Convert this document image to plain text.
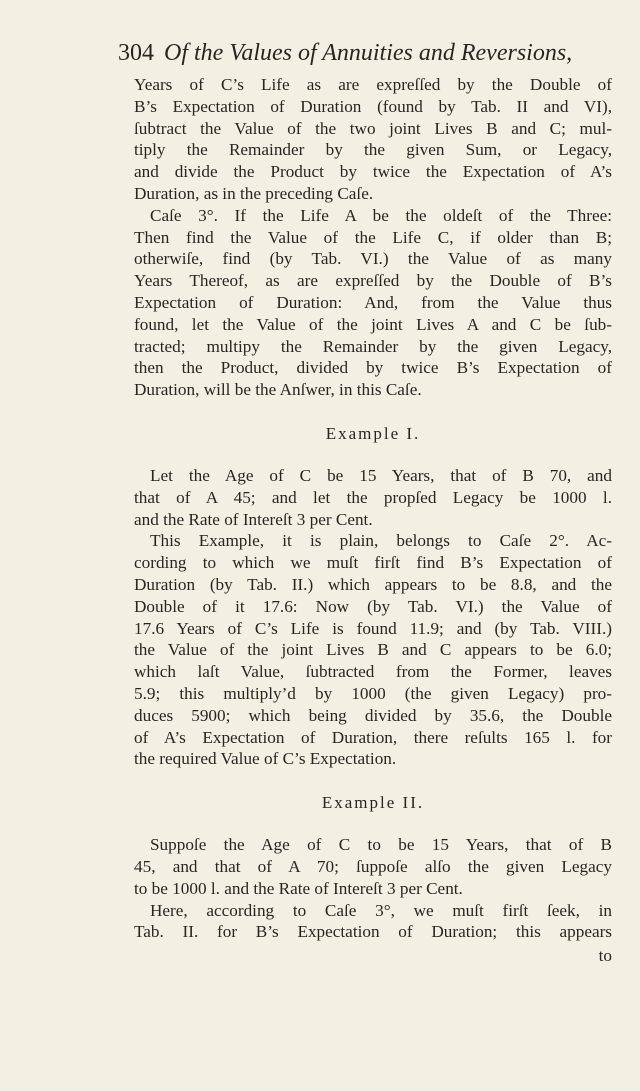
304 Of the Values of Annuities and Reversions,
Years of C’s Life as are expreſſed by the Double of
B’s Expectation of Duration (found by Tab. II and VI),
ſubtract the Value of the two joint Lives B and C; mul-
tiply the Remainder by the given Sum, or Legacy,
and divide the Product by twice the Expectation of A’s
Duration, as in the preceding Caſe.
Caſe 3°. If the Life A be the oldeſt of the Three:
Then find the Value of the Life C, if older than B;
otherwiſe, find (by Tab. VI.) the Value of as many
Years Thereof, as are expreſſed by the Double of B’s
Expectation of Duration: And, from the Value thus
found, let the Value of the joint Lives A and C be ſub-
tracted; multipy the Remainder by the given Legacy,
then the Product, divided by twice B’s Expectation of
Duration, will be the Anſwer, in this Caſe.
Example I.
Let the Age of C be 15 Years, that of B 70, and
that of A 45; and let the propſed Legacy be 1000 l.
and the Rate of Intereſt 3 per Cent.
This Example, it is plain, belongs to Caſe 2°. Ac-
cording to which we muſt firſt find B’s Expectation of
Duration (by Tab. II.) which appears to be 8.8, and the
Double of it 17.6: Now (by Tab. VI.) the Value of
17.6 Years of C’s Life is found 11.9; and (by Tab. VIII.)
the Value of the joint Lives B and C appears to be 6.0;
which laſt Value, ſubtracted from the Former, leaves
5.9; this multiply’d by 1000 (the given Legacy) pro-
duces 5900; which being divided by 35.6, the Double
of A’s Expectation of Duration, there reſults 165 l. for
the required Value of C’s Expectation.
Example II.
Suppoſe the Age of C to be 15 Years, that of B
45, and that of A 70; ſuppoſe alſo the given Legacy
to be 1000 l. and the Rate of Intereſt 3 per Cent.
Here, according to Caſe 3°, we muſt firſt ſeek, in
Tab. II. for B’s Expectation of Duration; this appears
to
